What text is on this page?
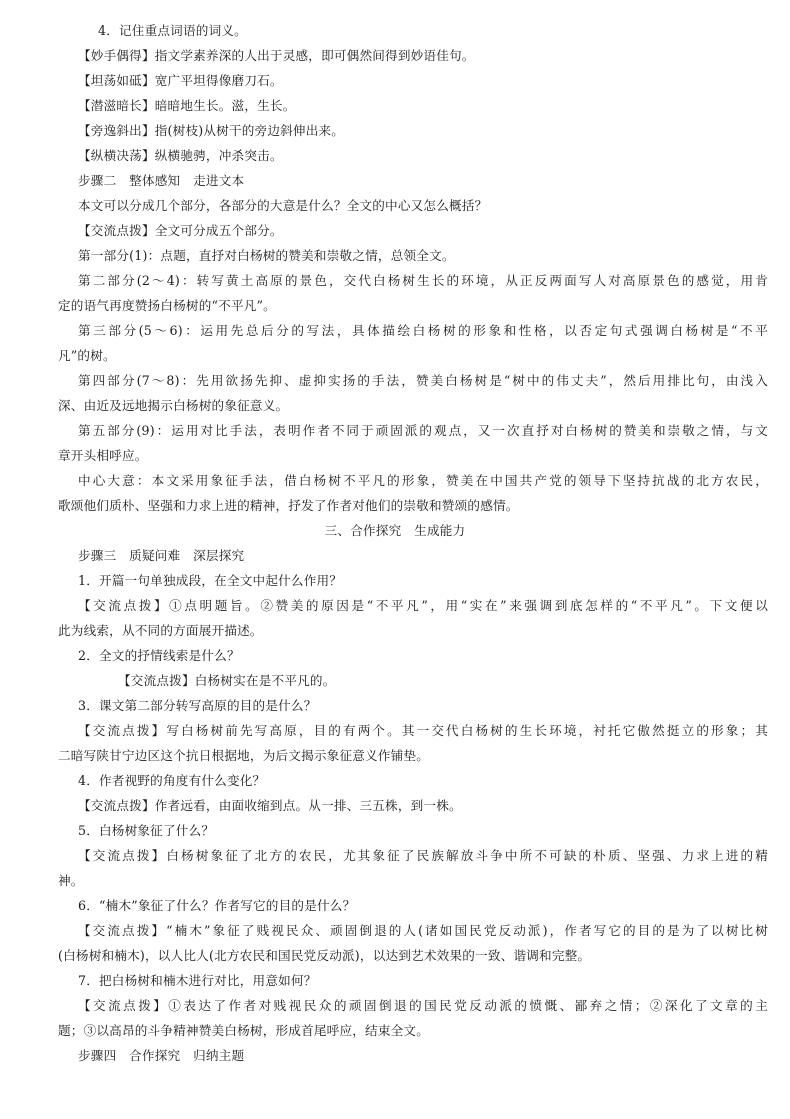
4．记住重点词语的词义。
【妙手偶得】指文学素养深的人出于灵感，即可偶然间得到妙语佳句。
【坦荡如砥】宽广平坦得像磨刀石。
【潜滋暗长】暗暗地生长。滋，生长。
【旁逸斜出】指(树枝)从树干的旁边斜伸出来。
【纵横决荡】纵横驰骋，冲杀突击。
步骤二　整体感知　走进文本
本文可以分成几个部分，各部分的大意是什么？全文的中心又怎么概括？
【交流点拨】全文可分成五个部分。
第一部分(1)：点题，直抒对白杨树的赞美和崇敬之情，总领全文。
第二部分(2～4)：转写黄土高原的景色，交代白杨树生长的环境，从正反两面写人对高原景色的感觉，用肯
定的语气再度赞扬白杨树的“不平凡”。
第三部分(5～6)：运用先总后分的写法，具体描绘白杨树的形象和性格，以否定句式强调白杨树是“不平
凡”的树。
第四部分(7～8)：先用欲扬先抑、虚抑实扬的手法，赞美白杨树是“树中的伟丈夫”，然后用排比句，由浅入
深、由近及远地揭示白杨树的象征意义。
第五部分(9)：运用对比手法，表明作者不同于顽固派的观点，又一次直抒对白杨树的赞美和崇敬之情，与文
章开头相呼应。
中心大意：本文采用象征手法，借白杨树不平凡的形象，赞美在中国共产党的领导下坚持抗战的北方农民，
歌颂他们质朴、坚强和力求上进的精神，抒发了作者对他们的崇敬和赞颂的感情。
三、合作探究　生成能力
步骤三　质疑问难　深层探究
1．开篇一句单独成段，在全文中起什么作用？
【交流点拨】①点明题旨。②赞美的原因是“不平凡”，用“实在”来强调到底怎样的“不平凡”。下文便以
此为线索，从不同的方面展开描述。
2．全文的抒情线索是什么？
【交流点拨】白杨树实在是不平凡的。
3．课文第二部分转写高原的目的是什么？
【交流点拨】写白杨树前先写高原，目的有两个。其一交代白杨树的生长环境，衬托它傲然挺立的形象；其
二暗写陕甘宁边区这个抗日根据地，为后文揭示象征意义作铺垫。
4．作者视野的角度有什么变化？
【交流点拨】作者远看，由面收缩到点。从一排、三五株，到一株。
5．白杨树象征了什么？
【交流点拨】白杨树象征了北方的农民，尤其象征了民族解放斗争中所不可缺的朴质、坚强、力求上进的精
神。
6．“楠木”象征了什么？作者写它的目的是什么？
【交流点拨】“楠木”象征了贱视民众、顽固倒退的人(诸如国民党反动派)，作者写它的目的是为了以树比树
(白杨树和楠木)，以人比人(北方农民和国民党反动派)，以达到艺术效果的一致、谐调和完整。
7．把白杨树和楠木进行对比，用意如何？
【交流点拨】①表达了作者对贱视民众的顽固倒退的国民党反动派的愤慨、鄙弃之情；②深化了文章的主
题；③以高昂的斗争精神赞美白杨树，形成首尾呼应，结束全文。
步骤四　合作探究　归纳主题
